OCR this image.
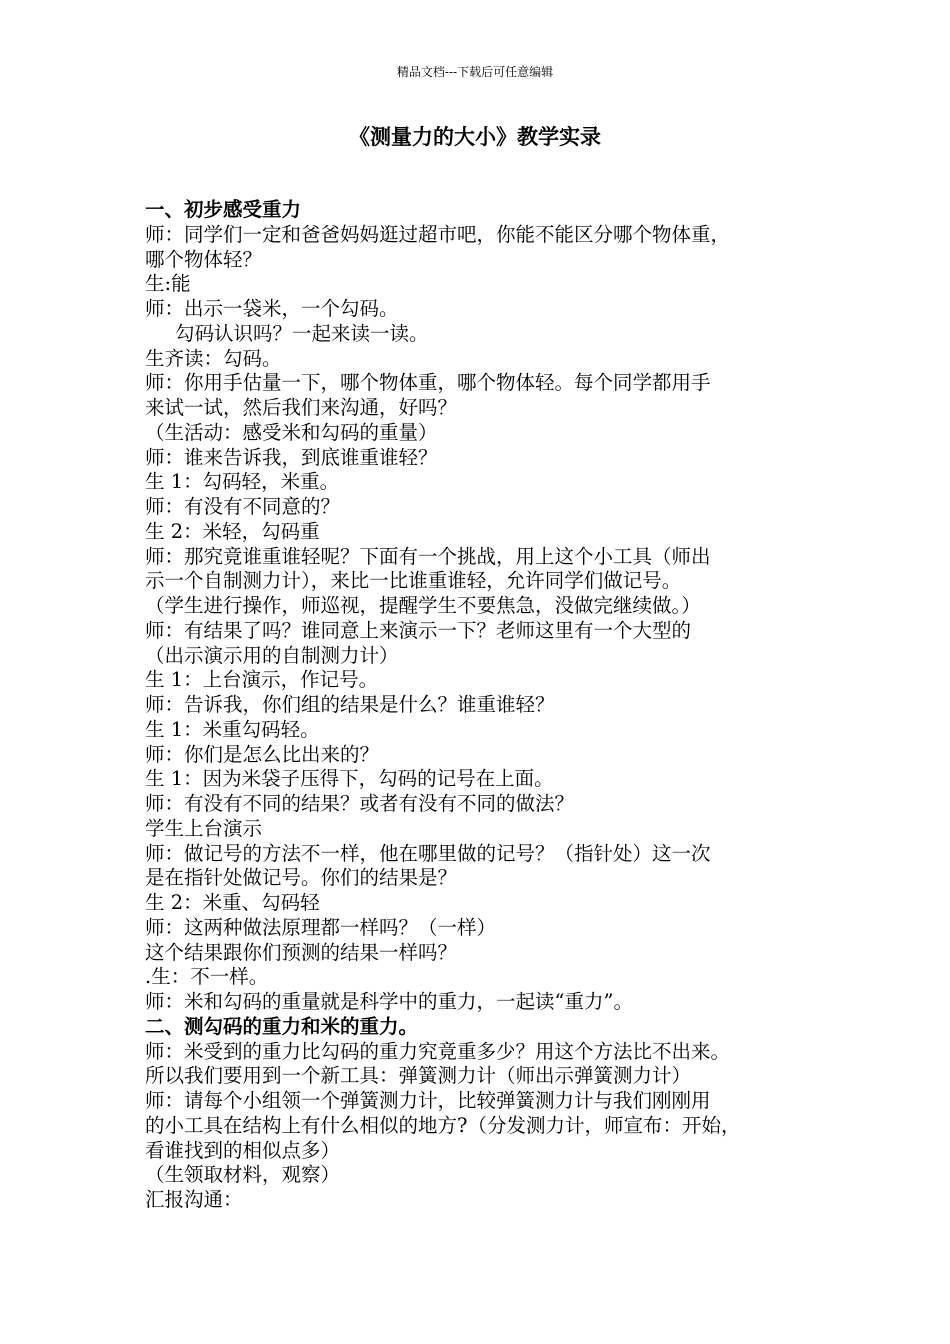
精品文档---下载后可任意编辑
《测量力的大小》教学实录
一、初步感受重力
师：同学们一定和爸爸妈妈逛过超市吧，你能不能区分哪个物体重，
哪个物体轻？
生:能
师：出示一袋米，一个勾码。
勾码认识吗？一起来读一读。
生齐读：勾码。
师：你用手估量一下，哪个物体重，哪个物体轻。每个同学都用手
来试一试，然后我们来沟通，好吗？
（生活动：感受米和勾码的重量）
师：谁来告诉我，到底谁重谁轻？
生 1：勾码轻，米重。
师：有没有不同意的？
生 2：米轻，勾码重
师：那究竟谁重谁轻呢？下面有一个挑战，用上这个小工具（师出
示一个自制测力计），来比一比谁重谁轻，允许同学们做记号。
（学生进行操作，师巡视，提醒学生不要焦急，没做完继续做。）
师：有结果了吗？谁同意上来演示一下？老师这里有一个大型的
（出示演示用的自制测力计）
生 1：上台演示，作记号。
师：告诉我，你们组的结果是什么？谁重谁轻？
生 1：米重勾码轻。
师：你们是怎么比出来的？
生 1：因为米袋子压得下，勾码的记号在上面。
师：有没有不同的结果？或者有没有不同的做法？
学生上台演示
师：做记号的方法不一样，他在哪里做的记号？（指针处）这一次
是在指针处做记号。你们的结果是？
生 2：米重、勾码轻
师：这两种做法原理都一样吗？（一样）
这个结果跟你们预测的结果一样吗？
.生：不一样。
师：米和勾码的重量就是科学中的重力，一起读“重力”。
二、测勾码的重力和米的重力。
师：米受到的重力比勾码的重力究竟重多少？用这个方法比不出来。
所以我们要用到一个新工具：弹簧测力计（师出示弹簧测力计）
师：请每个小组领一个弹簧测力计，比较弹簧测力计与我们刚刚用
的小工具在结构上有什么相似的地方?（分发测力计，师宣布：开始，
看谁找到的相似点多）
（生领取材料，观察）
汇报沟通：
